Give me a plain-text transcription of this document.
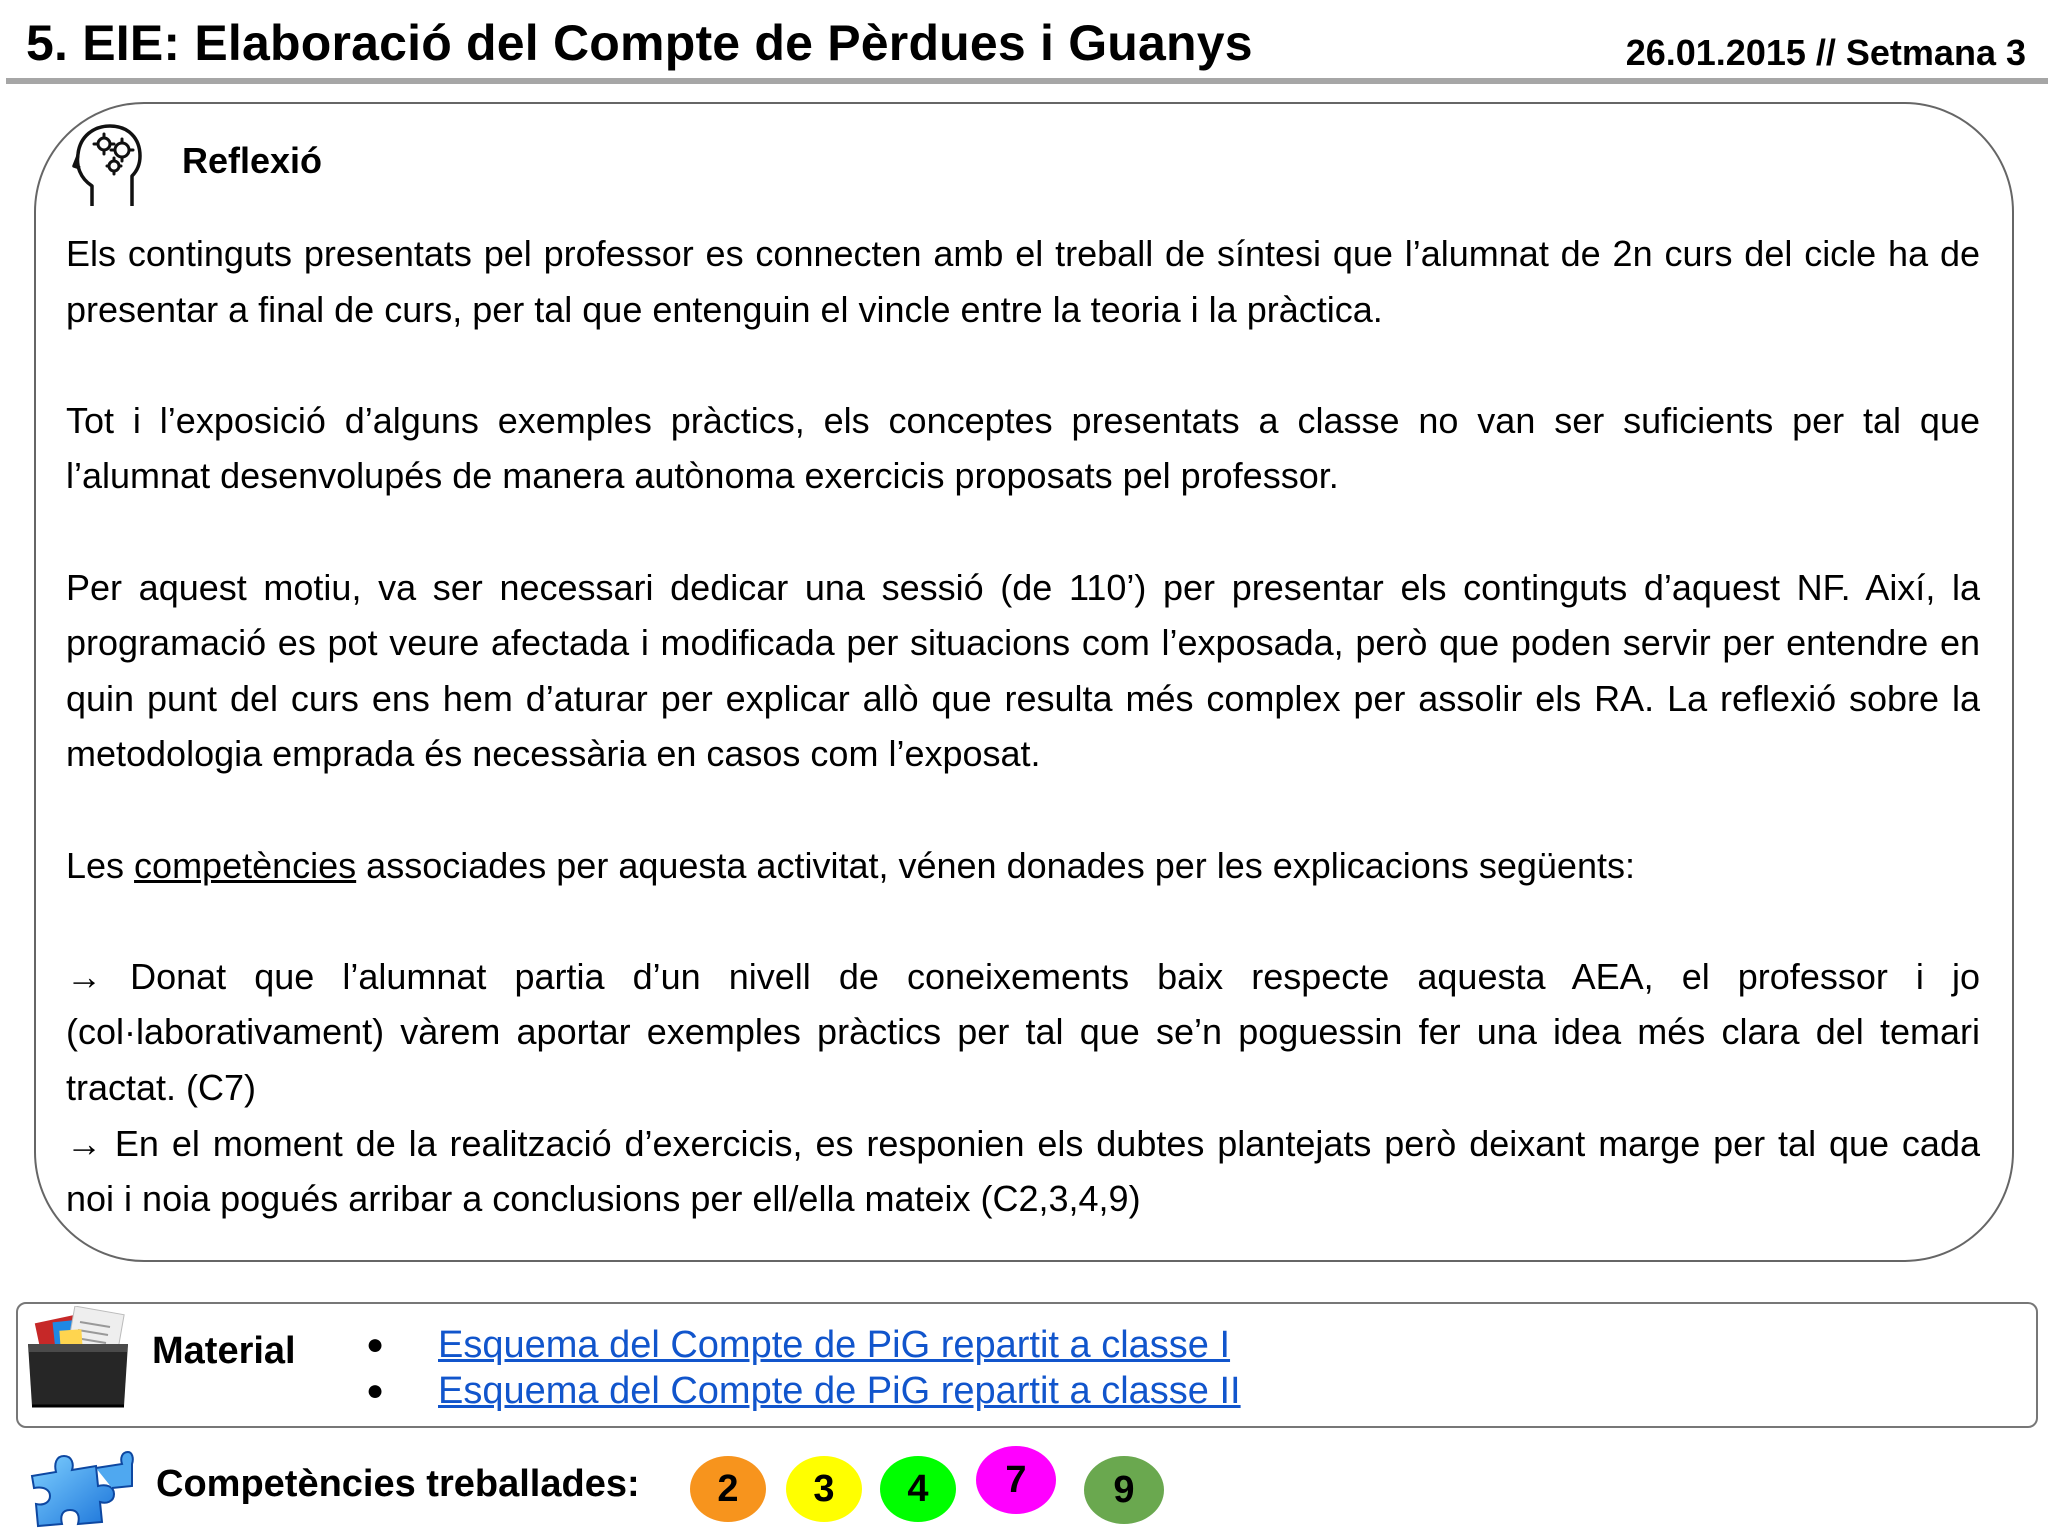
5. EIE: Elaboració del Compte de Pèrdues i Guanys	26.01.2015 // Setmana 3
Reflexió

Els continguts presentats pel professor es connecten amb el treball de síntesi que l’alumnat de 2n curs del cicle ha de presentar a final de curs, per tal que entenguin el vincle entre la teoria i la pràctica.

Tot i l’exposició d’alguns exemples pràctics, els conceptes presentats a classe no van ser suficients per tal que l’alumnat desenvolupés de manera autònoma exercicis proposats pel professor.

Per aquest motiu, va ser necessari dedicar una sessió (de 110’) per presentar els continguts d’aquest NF. Així, la programació es pot veure afectada i modificada per situacions com l’exposada, però que poden servir per entendre en quin punt del curs ens hem d’aturar per explicar allò que resulta més complex per assolir els RA. La reflexió sobre la metodologia emprada és necessària en casos com l’exposat.

Les competències associades per aquesta activitat, vénen donades per les explicacions següents:

→ Donat que l’alumnat partia d’un nivell de coneixements baix respecte aquesta AEA, el professor i jo (col·laborativament) vàrem aportar exemples pràctics per tal que se’n poguessin fer una idea més clara del temari tractat. (C7)

→ En el moment de la realització d’exercicis, es responien els dubtes plantejats però deixant marge per tal que cada noi i noia pogués arribar a conclusions per ell/ella mateix (C2,3,4,9)

Material ● Esquema del Compte de PiG repartit a classe I
● Esquema del Compte de PiG repartit a classe II
Competències treballades:	2	3	4	7	9
